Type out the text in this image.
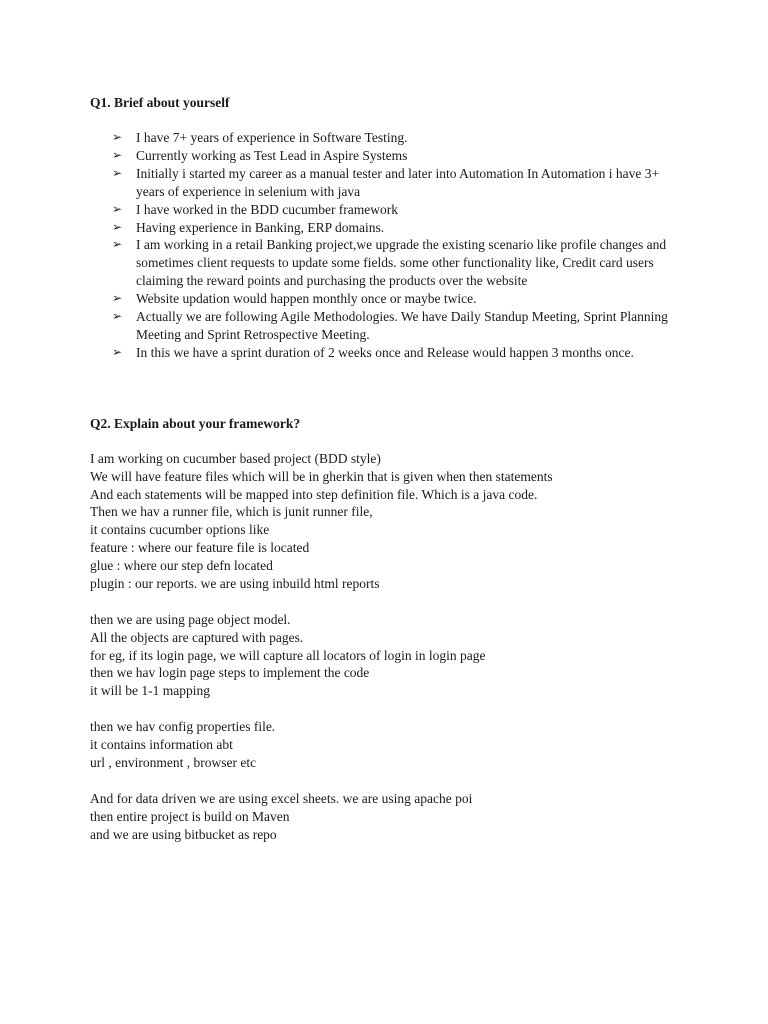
Q1. Brief about yourself
➢ I have 7+ years of experience in Software Testing.
➢ Currently working as Test Lead in Aspire Systems
➢ Initially i started my career as a manual tester and later into Automation In Automation i have 3+ years of experience in selenium with java
➢ I have worked in the BDD cucumber framework
➢ Having experience in Banking, ERP domains.
➢ I am working in a retail Banking project,we upgrade the existing scenario like profile changes and sometimes client requests to update some fields. some other functionality like, Credit card users claiming the reward points and purchasing the products over the website
➢ Website updation would happen monthly once or maybe twice.
➢ Actually we are following Agile Methodologies. We have Daily Standup Meeting, Sprint Planning Meeting and Sprint Retrospective Meeting.
➢ In this we have a sprint duration of 2 weeks once and Release would happen 3 months once.
Q2. Explain about your framework?
I am working on cucumber based project (BDD style)
We will have feature files which will be in gherkin that is given when then statements
And each statements will be mapped into step definition file. Which is a java code.
Then we hav a runner file, which is junit runner file,
it contains cucumber options like
feature : where our feature file is located
glue : where our step defn located
plugin : our reports. we are using inbuild html reports
then we are using page object model.
All the objects are captured with pages.
for eg, if its login page, we will capture all locators of login in login page
then we hav login page steps to implement the code
it will be 1-1 mapping
then we hav config properties file.
it contains information abt
url , environment , browser etc
And for data driven we are using excel sheets. we are using apache poi
then entire project is build on Maven
and we are using bitbucket as repo
